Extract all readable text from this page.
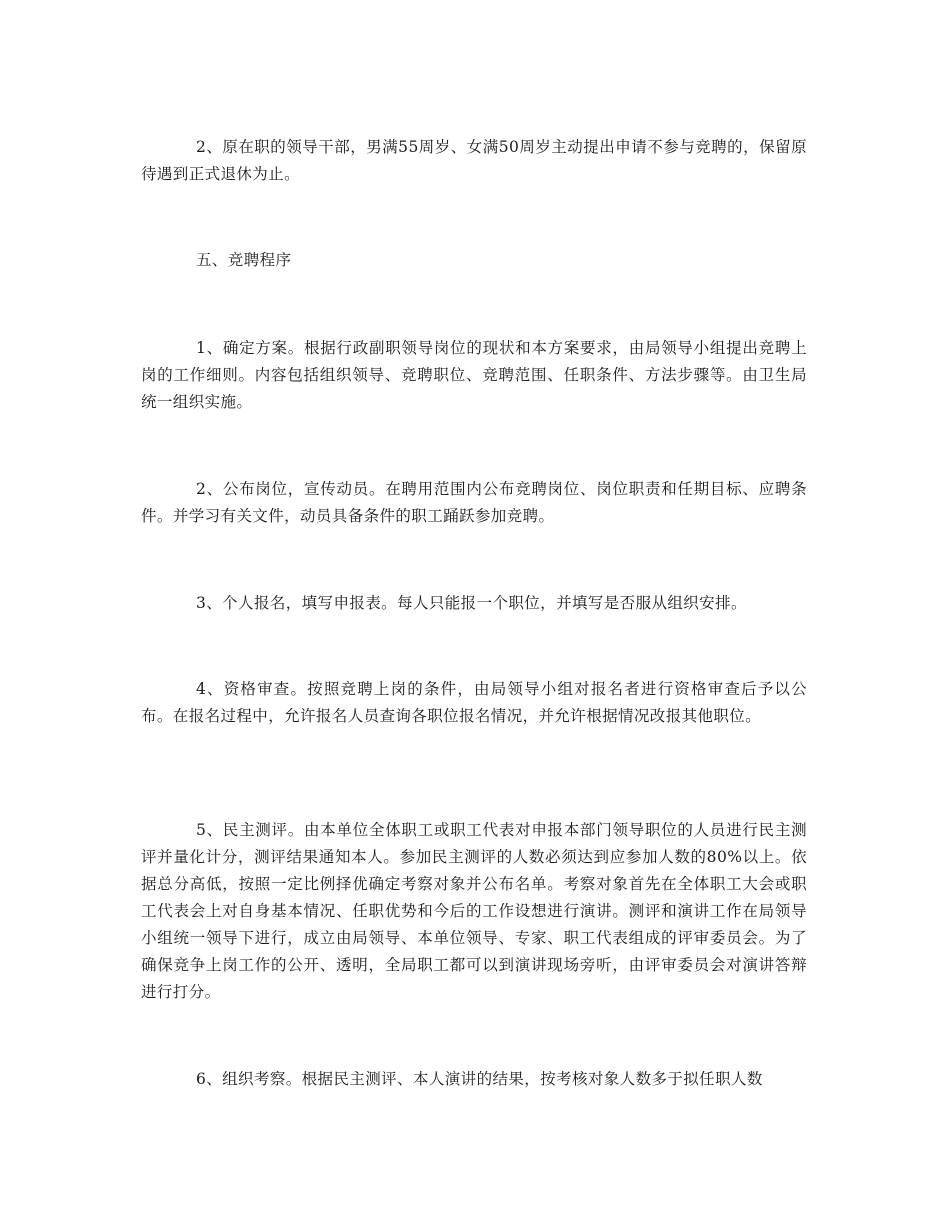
2、原在职的领导干部，男满55周岁、女满50周岁主动提出申请不参与竞聘的，保留原待遇到正式退休为止。

五、竞聘程序

1、确定方案。根据行政副职领导岗位的现状和本方案要求，由局领导小组提出竞聘上岗的工作细则。内容包括组织领导、竞聘职位、竞聘范围、任职条件、方法步骤等。由卫生局统一组织实施。

2、公布岗位，宣传动员。在聘用范围内公布竞聘岗位、岗位职责和任期目标、应聘条件。并学习有关文件，动员具备条件的职工踊跃参加竞聘。

3、个人报名，填写申报表。每人只能报一个职位，并填写是否服从组织安排。

4、资格审查。按照竞聘上岗的条件，由局领导小组对报名者进行资格审查后予以公布。在报名过程中，允许报名人员查询各职位报名情况，并允许根据情况改报其他职位。

5、民主测评。由本单位全体职工或职工代表对申报本部门领导职位的人员进行民主测评并量化计分，测评结果通知本人。参加民主测评的人数必须达到应参加人数的80%以上。依据总分高低，按照一定比例择优确定考察对象并公布名单。考察对象首先在全体职工大会或职工代表会上对自身基本情况、任职优势和今后的工作设想进行演讲。测评和演讲工作在局领导小组统一领导下进行，成立由局领导、本单位领导、专家、职工代表组成的评审委员会。为了确保竞争上岗工作的公开、透明，全局职工都可以到演讲现场旁听，由评审委员会对演讲答辩进行打分。

6、组织考察。根据民主测评、本人演讲的结果，按考核对象人数多于拟任职人数
